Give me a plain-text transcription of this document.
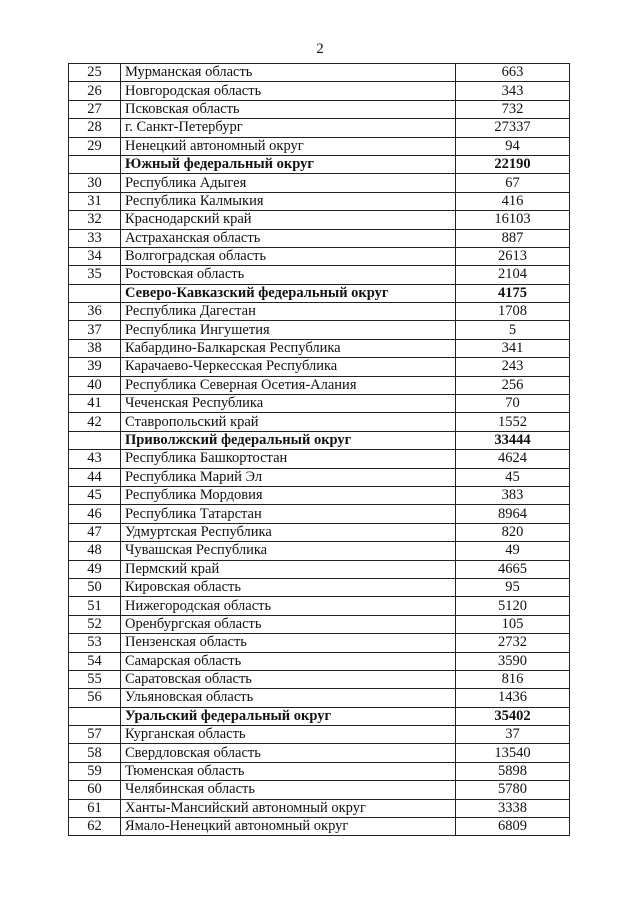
2
25	Мурманская область	663
26	Новгородская область	343
27	Псковская область	732
28	г. Санкт-Петербург	27337
29	Ненецкий автономный округ	94
	Южный федеральный округ	22190
30	Республика Адыгея	67
31	Республика Калмыкия	416
32	Краснодарский край	16103
33	Астраханская область	887
34	Волгоградская область	2613
35	Ростовская область	2104
	Северо-Кавказский федеральный округ	4175
36	Республика Дагестан	1708
37	Республика Ингушетия	5
38	Кабардино-Балкарская Республика	341
39	Карачаево-Черкесская Республика	243
40	Республика Северная Осетия-Алания	256
41	Чеченская Республика	70
42	Ставропольский край	1552
	Приволжский федеральный округ	33444
43	Республика Башкортостан	4624
44	Республика Марий Эл	45
45	Республика Мордовия	383
46	Республика Татарстан	8964
47	Удмуртская Республика	820
48	Чувашская Республика	49
49	Пермский край	4665
50	Кировская область	95
51	Нижегородская область	5120
52	Оренбургская область	105
53	Пензенская область	2732
54	Самарская область	3590
55	Саратовская область	816
56	Ульяновская область	1436
	Уральский федеральный округ	35402
57	Курганская область	37
58	Свердловская область	13540
59	Тюменская область	5898
60	Челябинская область	5780
61	Ханты-Мансийский автономный округ	3338
62	Ямало-Ненецкий автономный округ	6809
